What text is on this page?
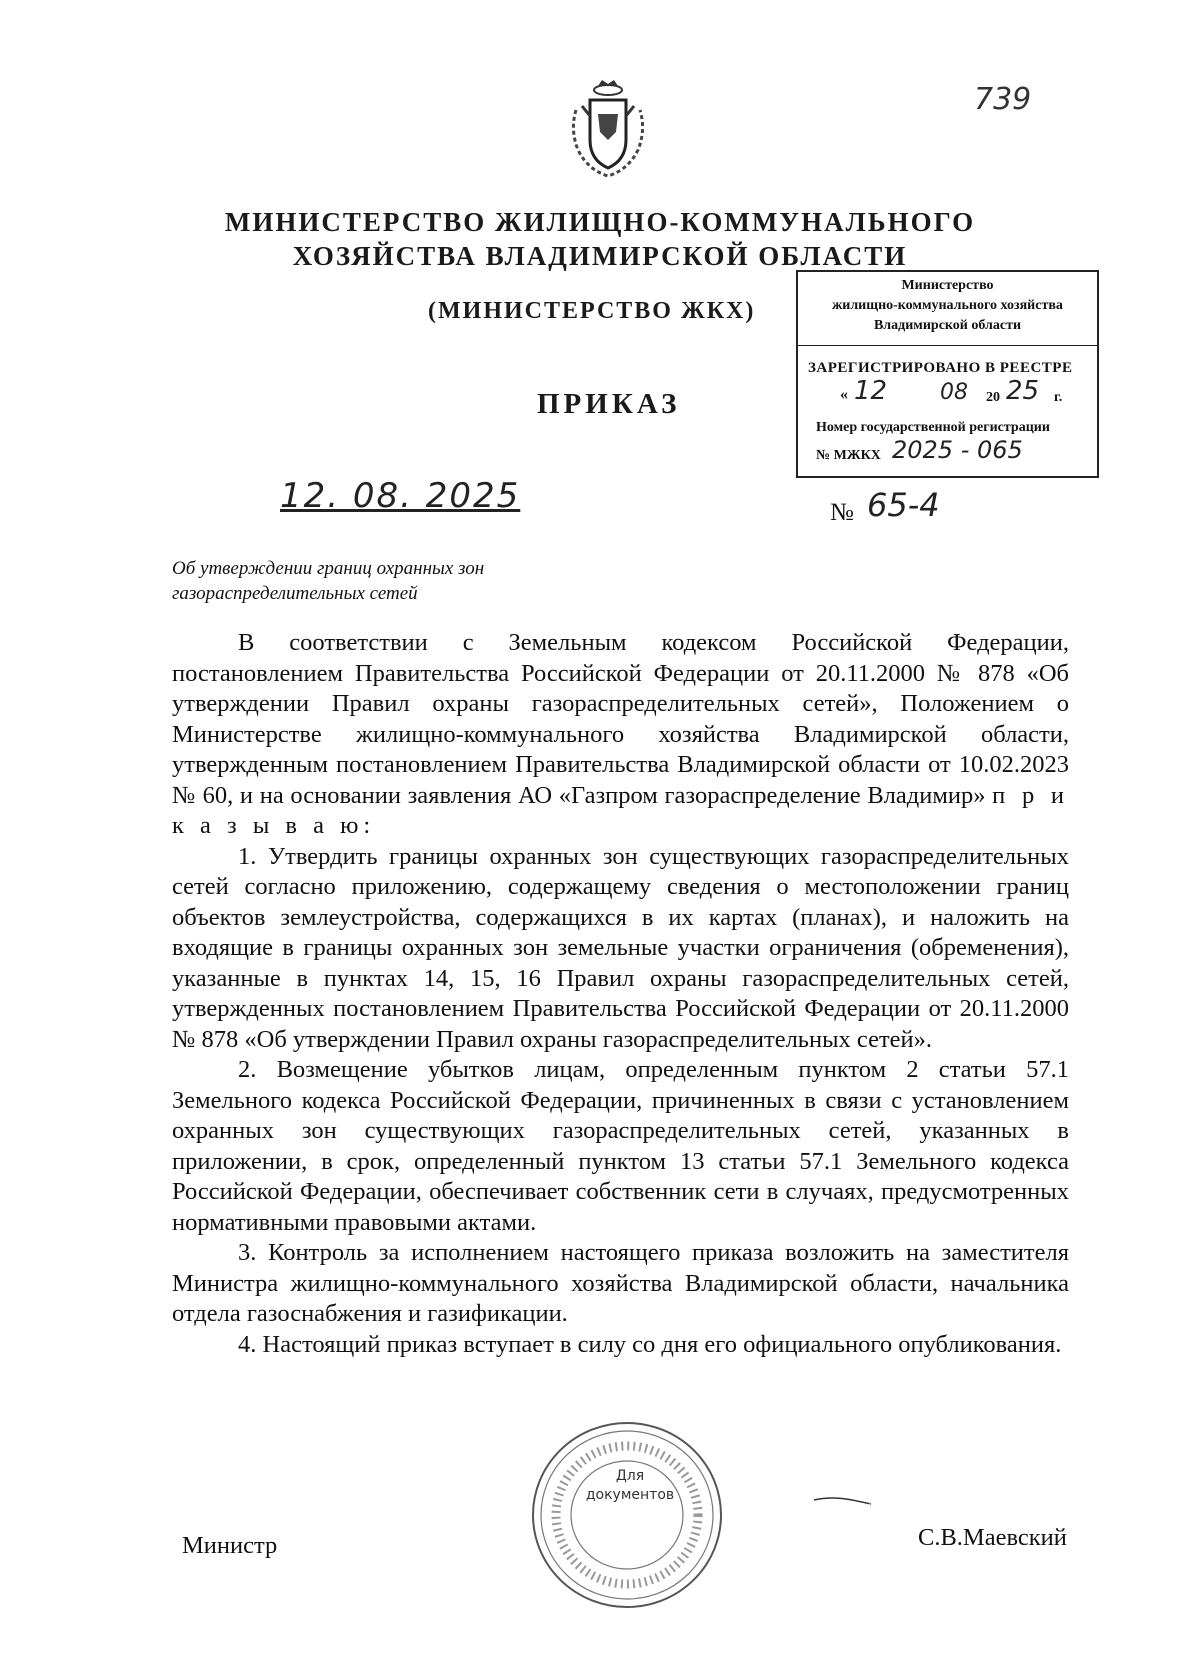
739
МИНИСТЕРСТВО ЖИЛИЩНО-КОММУНАЛЬНОГО
ХОЗЯЙСТВА ВЛАДИМИРСКОЙ ОБЛАСТИ
(МИНИСТЕРСТВО ЖКХ)
ПРИКАЗ
Министерство
жилищно-коммунального хозяйства
Владимирской области
ЗАРЕГИСТРИРОВАНО В РЕЕСТРЕ
« 12 08 20 25 г.
Номер государственной регистрации
№ МЖКХ 2025 - 065
12. 08. 2025	№ 65-4
Об утверждении границ охранных зон
газораспределительных сетей

В соответствии с Земельным кодексом Российской Федерации, постановлением Правительства Российской Федерации от 20.11.2000 № 878 «Об утверждении Правил охраны газораспределительных сетей», Положением о Министерстве жилищно-коммунального хозяйства Владимирской области, утвержденным постановлением Правительства Владимирской области от 10.02.2023 № 60, и на основании заявления АО «Газпром газораспределение Владимир» п р и к а з ы в а ю:

1. Утвердить границы охранных зон существующих газораспределительных сетей согласно приложению, содержащему сведения о местоположении границ объектов землеустройства, содержащихся в их картах (планах), и наложить на входящие в границы охранных зон земельные участки ограничения (обременения), указанные в пунктах 14, 15, 16 Правил охраны газораспределительных сетей, утвержденных постановлением Правительства Российской Федерации от 20.11.2000 № 878 «Об утверждении Правил охраны газораспределительных сетей».

2. Возмещение убытков лицам, определенным пунктом 2 статьи 57.1 Земельного кодекса Российской Федерации, причиненных в связи с установлением охранных зон существующих газораспределительных сетей, указанных в приложении, в срок, определенный пунктом 13 статьи 57.1 Земельного кодекса Российской Федерации, обеспечивает собственник сети в случаях, предусмотренных нормативными правовыми актами.

3. Контроль за исполнением настоящего приказа возложить на заместителя Министра жилищно-коммунального хозяйства Владимирской области, начальника отдела газоснабжения и газификации.

4. Настоящий приказ вступает в силу со дня его официального опубликования.

Для
документов
Министр	С.В.Маевский
